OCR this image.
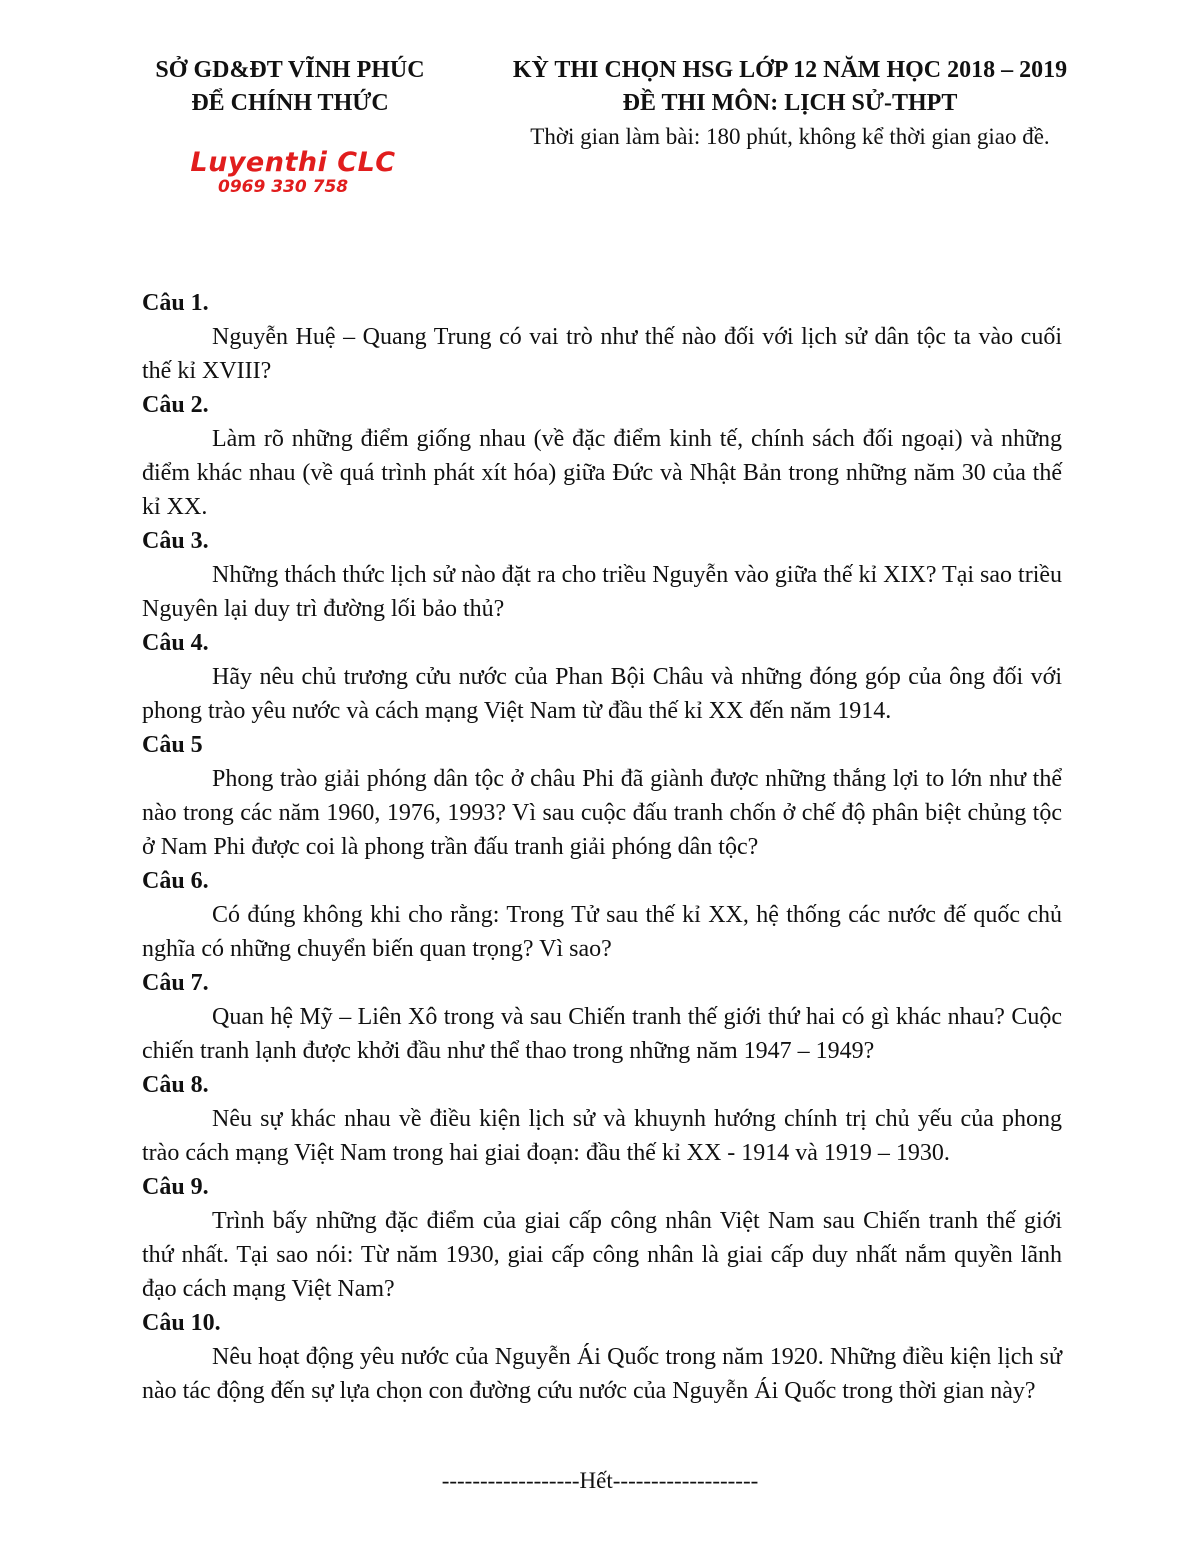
SỞ GD&ĐT VĨNH PHÚC
ĐỂ CHÍNH THỨC
KỲ THI CHỌN HSG LỚP 12 NĂM HỌC 2018 – 2019
ĐỀ THI MÔN: LỊCH SỬ-THPT
Thời gian làm bài: 180 phút, không kể thời gian giao đề.
Luyenthi CLC
0969 330 758
Câu 1.

Nguyễn Huệ – Quang Trung có vai trò như thế nào đối với lịch sử dân tộc ta vào cuối thế kỉ XVIII?

Câu 2.

Làm rõ những điểm giống nhau (về đặc điểm kinh tế, chính sách đối ngoại) và những điểm khác nhau (về quá trình phát xít hóa) giữa Đức và Nhật Bản trong những năm 30 của thế kỉ XX.

Câu 3.

Những thách thức lịch sử nào đặt ra cho triều Nguyễn vào giữa thế kỉ XIX? Tại sao triều Nguyên lại duy trì đường lối bảo thủ?

Câu 4.

Hãy nêu chủ trương cửu nước của Phan Bội Châu và những đóng góp của ông đối với phong trào yêu nước và cách mạng Việt Nam từ đầu thế kỉ XX đến năm 1914.

Câu 5

Phong trào giải phóng dân tộc ở châu Phi đã giành được những thắng lợi to lớn như thể nào trong các năm 1960, 1976, 1993? Vì sau cuộc đấu tranh chốn ở chế độ phân biệt chủng tộc ở Nam Phi được coi là phong trần đấu tranh giải phóng dân tộc?

Câu 6.

Có đúng không khi cho rằng: Trong Tử sau thế kỉ XX, hệ thống các nước đế quốc chủ nghĩa có những chuyển biến quan trọng? Vì sao?

Câu 7.

Quan hệ Mỹ – Liên Xô trong và sau Chiến tranh thế giới thứ hai có gì khác nhau? Cuộc chiến tranh lạnh được khởi đầu như thể thao trong những năm 1947 – 1949?

Câu 8.

Nêu sự khác nhau về điều kiện lịch sử và khuynh hướng chính trị chủ yếu của phong trào cách mạng Việt Nam trong hai giai đoạn: đầu thế kỉ XX - 1914 và 1919 – 1930.

Câu 9.

Trình bấy những đặc điểm của giai cấp công nhân Việt Nam sau Chiến tranh thế giới thứ nhất. Tại sao nói: Từ năm 1930, giai cấp công nhân là giai cấp duy nhất nắm quyền lãnh đạo cách mạng Việt Nam?

Câu 10.

Nêu hoạt động yêu nước của Nguyễn Ái Quốc trong năm 1920. Những điều kiện lịch sử nào tác động đến sự lựa chọn con đường cứu nước của Nguyễn Ái Quốc trong thời gian này?

------------------Hết-------------------
